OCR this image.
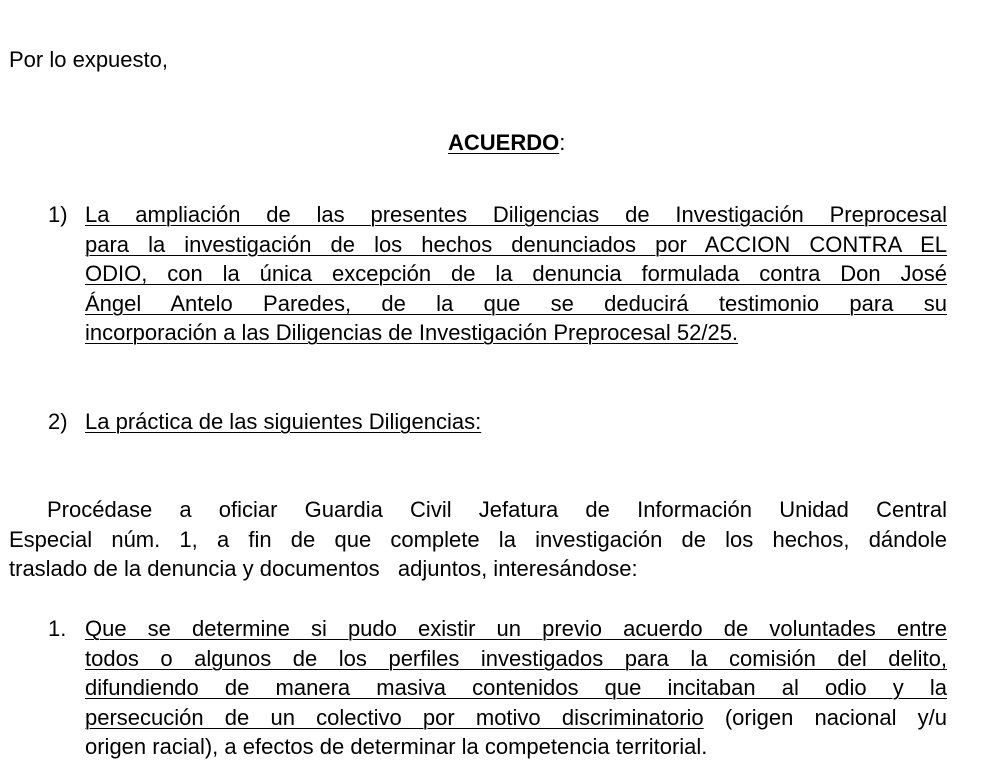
Por lo expuesto,
ACUERDO:
1) La ampliación de las presentes Diligencias de Investigación Preprocesal
para la investigación de los hechos denunciados por ACCION CONTRA EL
ODIO, con la única excepción de la denuncia formulada contra Don José
Ángel Antelo Paredes, de la que se deducirá testimonio para su
incorporación a las Diligencias de Investigación Preprocesal 52/25.
2) La práctica de las siguientes Diligencias:
Procédase a oficiar Guardia Civil Jefatura de Información Unidad Central
Especial núm. 1, a fin de que complete la investigación de los hechos, dándole
traslado de la denuncia y documentos   adjuntos, interesándose:
1. Que se determine si pudo existir un previo acuerdo de voluntades entre
todos o algunos de los perfiles investigados para la comisión del delito,
difundiendo de manera masiva contenidos que incitaban al odio y la
persecución de un colectivo por motivo discriminatorio (origen nacional y/u
origen racial), a efectos de determinar la competencia territorial.
